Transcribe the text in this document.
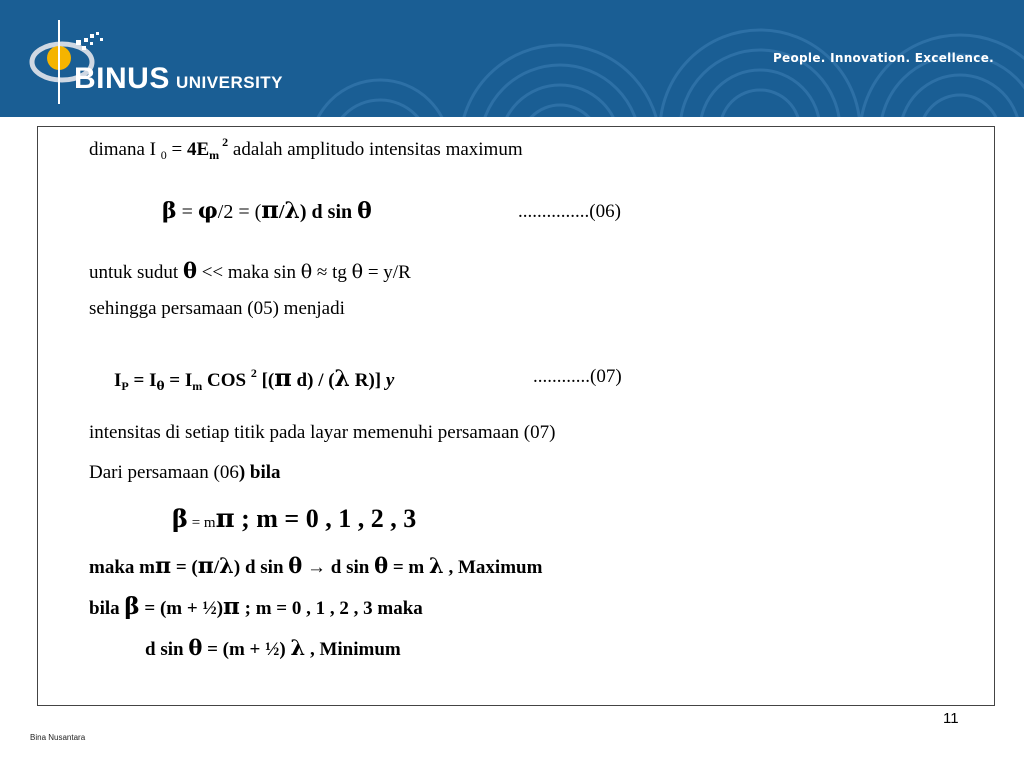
BINUS UNIVERSITY
People. Innovation. Excellence.
dimana I $_0 = 4E_m$ $^2$ adalah amplitudo intensitas maximum
β = φ/2 = (π/λ) d sin θ	...............(06)
untuk sudut θ << maka sin θ ≈ tg θ = y/R
sehingga persamaan (05) menjadi
$I_P = I_\theta = I_m$ COS $^2$ [(π d) / (λ R)] y	............(07)
intensitas di setiap titik pada layar memenuhi persamaan (07)
Dari persamaan (06) bila
β = mπ ; m = 0 , 1 , 2 , 3
maka mπ = (π/λ) d sin θ → d sin θ = m λ , Maximum
bila β = (m + ½)π ; m = 0 , 1 , 2 , 3 maka
d sin θ = (m + ½) λ , Minimum
11
Bina Nusantara
